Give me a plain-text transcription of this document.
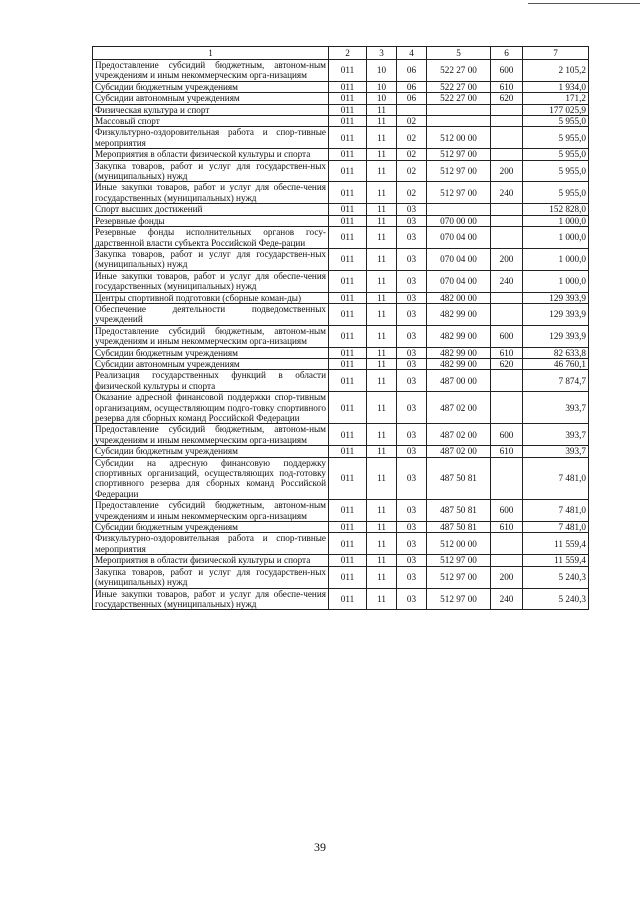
1	2	3	4	5	6	7
Предоставление субсидий бюджетным, автоном-ным учреждениям и иным некоммерческим орга-низациям	011	10	06	522 27 00	600	2 105,2
Субсидии бюджетным учреждениям	011	10	06	522 27 00	610	1 934,0
Субсидии автономным учреждениям	011	10	06	522 27 00	620	171,2
Физическая культура и спорт	011	11				177 025,9
Массовый спорт	011	11	02			5 955,0
Физкультурно-оздоровительная работа и спор-тивные мероприятия	011	11	02	512 00 00		5 955,0
Мероприятия в области физической культуры и спорта	011	11	02	512 97 00		5 955,0
Закупка товаров, работ и услуг для государствен-ных (муниципальных) нужд	011	11	02	512 97 00	200	5 955,0
Иные закупки товаров, работ и услуг для обеспе-чения государственных (муниципальных) нужд	011	11	02	512 97 00	240	5 955,0
Спорт высших достижений	011	11	03			152 828,0
Резервные фонды	011	11	03	070 00 00		1 000,0
Резервные фонды исполнительных органов госу-дарственной власти субъекта Российской Феде-рации	011	11	03	070 04 00		1 000,0
Закупка товаров, работ и услуг для государствен-ных (муниципальных) нужд	011	11	03	070 04 00	200	1 000,0
Иные закупки товаров, работ и услуг для обеспе-чения государственных (муниципальных) нужд	011	11	03	070 04 00	240	1 000,0
Центры спортивной подготовки (сборные коман-ды)	011	11	03	482 00 00		129 393,9
Обеспечение деятельности подведомственных учреждений	011	11	03	482 99 00		129 393,9
Предоставление субсидий бюджетным, автоном-ным учреждениям и иным некоммерческим орга-низациям	011	11	03	482 99 00	600	129 393,9
Субсидии бюджетным учреждениям	011	11	03	482 99 00	610	82 633,8
Субсидии автономным учреждениям	011	11	03	482 99 00	620	46 760,1
Реализация государственных функций в области физической культуры и спорта	011	11	03	487 00 00		7 874,7
Оказание адресной финансовой поддержки спор-тивным организациям, осуществляющим подго-товку спортивного резерва для сборных команд Российской Федерации	011	11	03	487 02 00		393,7
Предоставление субсидий бюджетным, автоном-ным учреждениям и иным некоммерческим орга-низациям	011	11	03	487 02 00	600	393,7
Субсидии бюджетным учреждениям	011	11	03	487 02 00	610	393,7
Субсидии на адресную финансовую поддержку спортивных организаций, осуществляющих под-готовку спортивного резерва для сборных команд Российской Федерации	011	11	03	487 50 81		7 481,0
Предоставление субсидий бюджетным, автоном-ным учреждениям и иным некоммерческим орга-низациям	011	11	03	487 50 81	600	7 481,0
Субсидии бюджетным учреждениям	011	11	03	487 50 81	610	7 481,0
Физкультурно-оздоровительная работа и спор-тивные мероприятия	011	11	03	512 00 00		11 559,4
Мероприятия в области физической культуры и спорта	011	11	03	512 97 00		11 559,4
Закупка товаров, работ и услуг для государствен-ных (муниципальных) нужд	011	11	03	512 97 00	200	5 240,3
Иные закупки товаров, работ и услуг для обеспе-чения государственных (муниципальных) нужд	011	11	03	512 97 00	240	5 240,3
39
